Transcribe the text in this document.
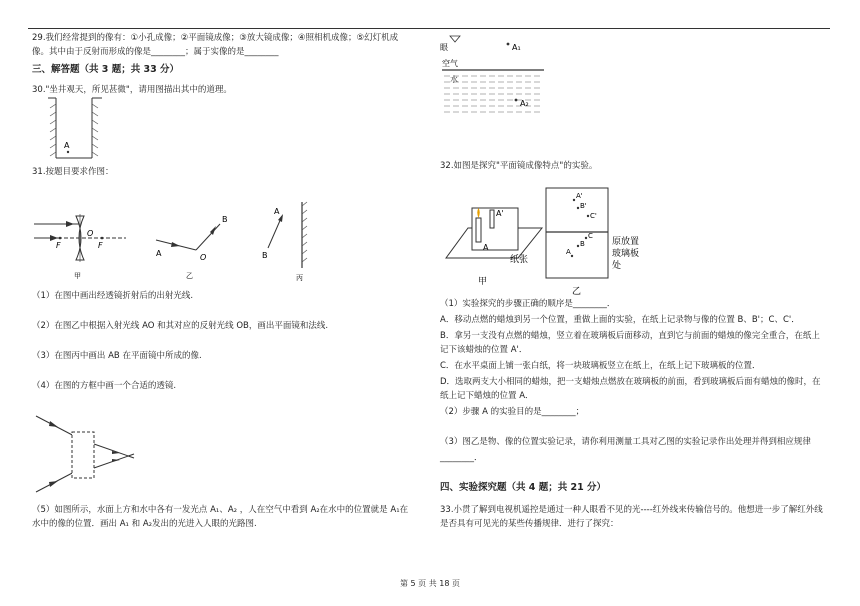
29.我们经常提到的像有：①小孔成像；②平面镜成像；③放大镜成像；④照相机成像；⑤幻灯机成
像。其中由于反射而形成的像是________；属于实像的是________
三、解答题（共 3 题；共 33 分）
30."坐井观天，所见甚微"，请用图描出其中的道理。
A
31.按题目要求作图：
F
O
F
甲
A	O
B
乙
A
B
丙
（1）在图中画出经透镜折射后的出射光线.
（2）在图乙中根据入射光线 AO 和其对应的反射光线 OB，画出平面镜和法线.
（3）在图丙中画出 AB 在平面镜中所成的像.
（4）在图的方框中画一个合适的透镜.
（5）如图所示，水面上方和水中各有一发光点 A₁、A₂ ，人在空气中看到 A₂在水中的位置就是 A₁在
水中的像的位置．画出 A₁ 和 A₂发出的光进入人眼的光路图.
眼	A₁
空气
水
A₂
32.如图是探究"平面镜成像特点"的实验。
A
A'
纸张
甲
A'
B'
C'
A
B
C
原放置
玻璃板
处
乙
（1）实验探究的步骤正确的顺序是________．
A．移动点燃的蜡烛到另一个位置，重做上面的实验，在纸上记录物与像的位置 B、B'；C、C'．
B．拿另一支没有点燃的蜡烛，竖立着在玻璃板后面移动，直到它与前面的蜡烛的像完全重合，在纸上
记下该蜡烛的位置 A'．
C．在水平桌面上铺一张白纸，将一块玻璃板竖立在纸上，在纸上记下玻璃板的位置．
D．选取两支大小相同的蜡烛，把一支蜡烛点燃放在玻璃板的前面，看到玻璃板后面有蜡烛的像时，在
纸上记下蜡烛的位置 A．
（2）步骤 A 的实验目的是________；
（3）图乙是物、像的位置实验记录，请你利用测量工具对乙图的实验记录作出处理并得到相应规律
________．
四、实验探究题（共 4 题；共 21 分）
33.小贯了解到电视机遥控是通过一种人眼看不见的光----红外线来传输信号的。他想进一步了解红外线
是否具有可见光的某些传播规律．进行了探究：
第 5 页 共 18 页
